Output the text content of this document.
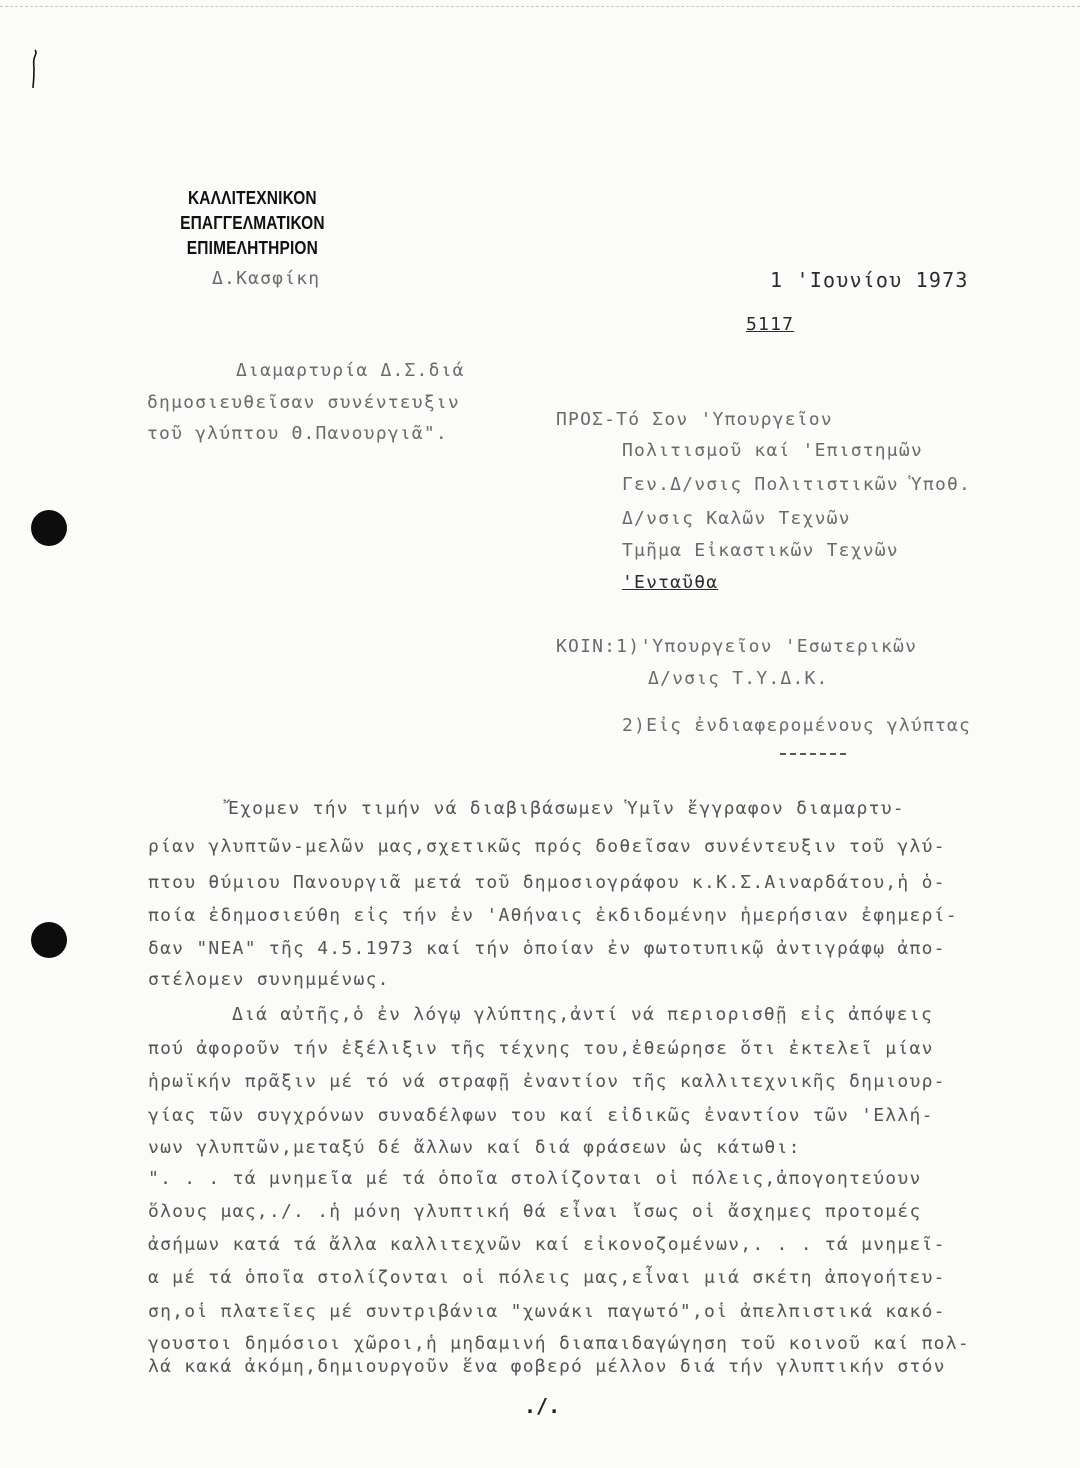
ΚΑΛΛΙΤΕΧΝΙΚΟΝ ΕΠΑΓΓΕΛΜΑΤΙΚΟΝ
ΕΠΙΜΕΛΗΤΗΡΙΟΝ
Δ.Κασφίκη	1 'Ιουνίου 1973
5117
Διαμαρτυρία Δ.Σ.διά
δημοσιευθεῖσαν συνέντευξιν
τοῦ γλύπτου Θ.Πανουργιᾶ".
ΠΡΟΣ-Τό Σον 'Υπουργεῖον
Πολιτισμοῦ καί 'Επιστημῶν
Γεν.Δ/νσις Πολιτιστικῶν Ὑποθ.
Δ/νσις Καλῶν Τεχνῶν
Τμῆμα Εἰκαστικῶν Τεχνῶν
'Ενταῦθα
ΚΟΙΝ:1)'Υπουργεῖον 'Εσωτερικῶν
Δ/νσις Τ.Υ.Δ.Κ.
2)Εἰς ἐνδιαφερομένους γλύπτας
Ἔχομεν τήν τιμήν νά διαβιβάσωμεν Ὑμῖν ἔγγραφον διαμαρτυ-
ρίαν γλυπτῶν-μελῶν μας,σχετικῶς πρός δοθεῖσαν συνέντευξιν τοῦ γλύ-
πτου θύμιου Πανουργιᾶ μετά τοῦ δημοσιογράφου κ.Κ.Σ.Αιναρδάτου,ἡ ὁ-
ποία ἐδημοσιεύθη εἰς τήν ἐν 'Αθήναις ἐκδιδομένην ἡμερήσιαν ἐφημερί-
δαν "ΝΕΑ" τῆς 4.5.1973 καί τήν ὁποίαν ἐν φωτοτυπικῷ ἀντιγράφῳ ἀπο-
στέλομεν συνημμένως.
Διά αὐτῆς,ὁ ἐν λόγῳ γλύπτης,ἀντί νά περιορισθῇ εἰς ἀπόψεις
πού ἀφοροῦν τήν ἐξέλιξιν τῆς τέχνης του,ἐθεώρησε ὅτι ἐκτελεῖ μίαν
ἡρωϊκήν πρᾶξιν μέ τό νά στραφῇ ἐναντίον τῆς καλλιτεχνικῆς δημιουρ-
γίας τῶν συγχρόνων συναδέλφων του καί εἰδικῶς ἐναντίον τῶν 'Ελλή-
νων γλυπτῶν,μεταξύ δέ ἄλλων καί διά φράσεων ὡς κάτωθι:
". . . τά μνημεῖα μέ τά ὁποῖα στολίζονται οἱ πόλεις,ἀπογοητεύουν
ὅλους μας,./. .ἡ μόνη γλυπτική θά εἶναι ἴσως οἱ ἄσχημες προτομές
ἀσήμων κατά τά ἄλλα καλλιτεχνῶν καί εἰκονοζομένων,. . . τά μνημεῖ-
α μέ τά ὁποῖα στολίζονται οἱ πόλεις μας,εἶναι μιά σκέτη ἀπογοήτευ-
ση,οἱ πλατεῖες μέ συντριβάνια "χωνάκι παγωτό",οἱ ἀπελπιστικά κακό-
γουστοι δημόσιοι χῶροι,ἡ μηδαμινή διαπαιδαγώγηση τοῦ κοινοῦ καί πολ-
λά κακά ἀκόμη,δημιουργοῦν ἕνα φοβερό μέλλον διά τήν γλυπτικήν στόν
./.
